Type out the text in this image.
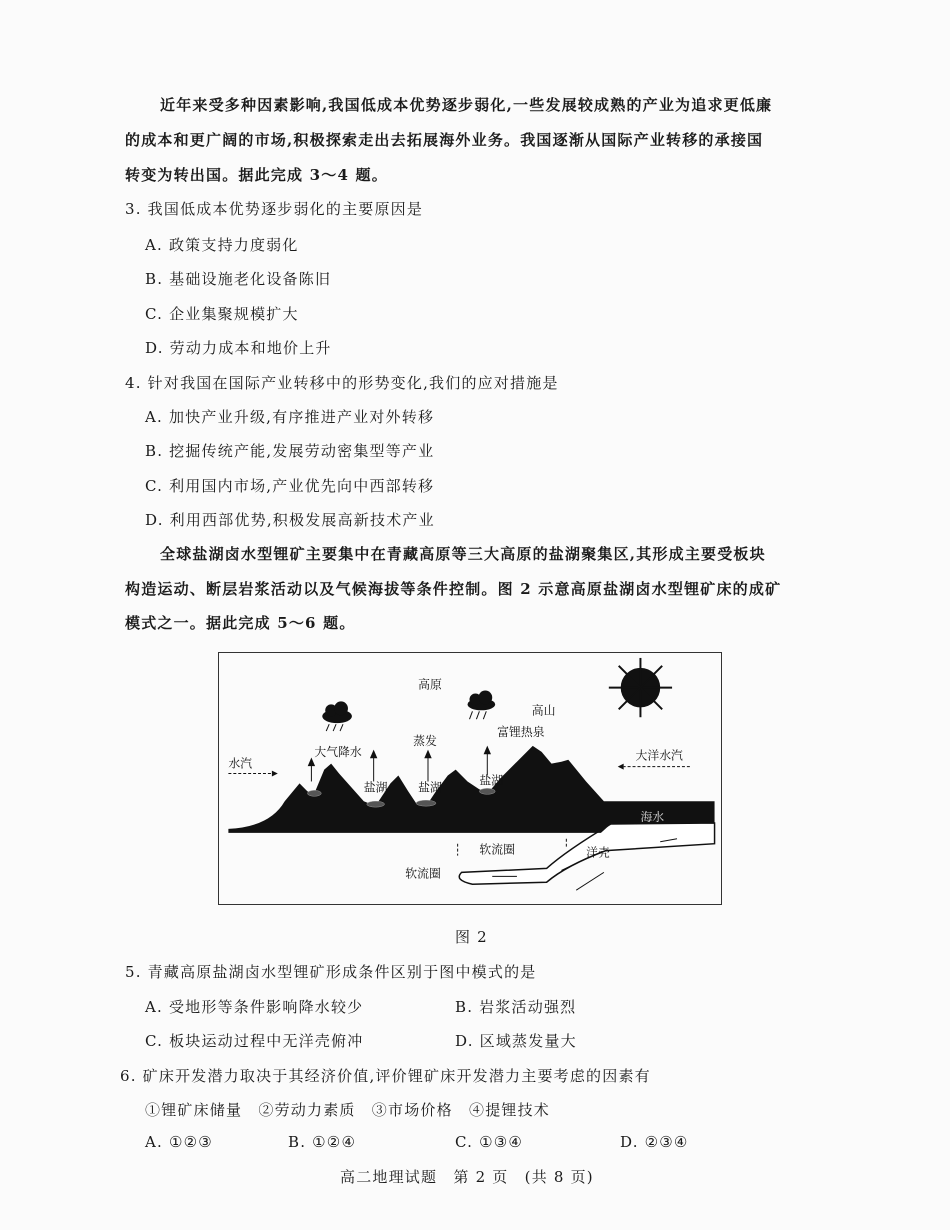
近年来受多种因素影响,我国低成本优势逐步弱化,一些发展较成熟的产业为追求更低廉
的成本和更广阔的市场,积极探索走出去拓展海外业务。我国逐渐从国际产业转移的承接国
转变为转出国。据此完成 3～4 题。
3. 我国低成本优势逐步弱化的主要原因是
A. 政策支持力度弱化
B. 基础设施老化设备陈旧
C. 企业集聚规模扩大
D. 劳动力成本和地价上升
4. 针对我国在国际产业转移中的形势变化,我们的应对措施是
A. 加快产业升级,有序推进产业对外转移
B. 挖掘传统产能,发展劳动密集型等产业
C. 利用国内市场,产业优先向中西部转移
D. 利用西部优势,积极发展高新技术产业
全球盐湖卤水型锂矿主要集中在青藏高原等三大高原的盐湖聚集区,其形成主要受板块
构造运动、断层岩浆活动以及气候海拔等条件控制。图 2 示意高原盐湖卤水型锂矿床的成矿
模式之一。据此完成 5～6 题。
高原
高山
富锂热泉
大气降水
蒸发
盐湖	盐湖	盐湖
水汽
大洋水汽
海水
软流圈
软流圈
洋壳
图 2
5. 青藏高原盐湖卤水型锂矿形成条件区别于图中模式的是
A. 受地形等条件影响降水较少	B. 岩浆活动强烈
C. 板块运动过程中无洋壳俯冲	D. 区域蒸发量大
6. 矿床开发潜力取决于其经济价值,评价锂矿床开发潜力主要考虑的因素有
①锂矿床储量　②劳动力素质　③市场价格　④提锂技术
A. ①②③	B. ①②④	C. ①③④	D. ②③④
高二地理试题　第 2 页　(共 8 页)
